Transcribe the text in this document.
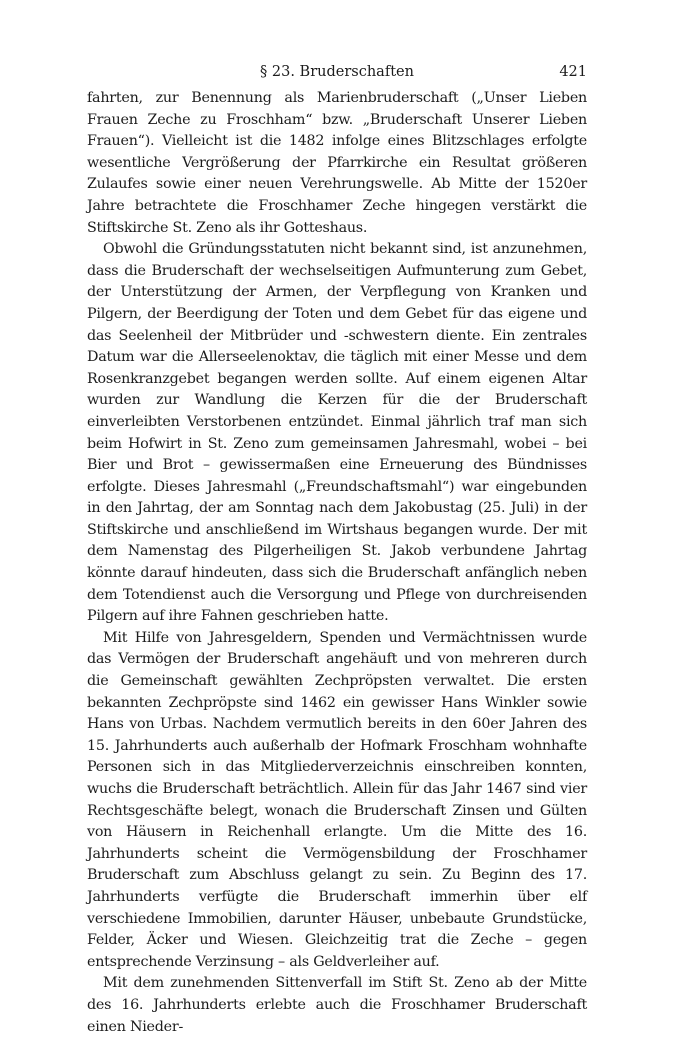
§ 23. Bruderschaften	421

fahrten, zur Benennung als Marienbruderschaft („Unser Lieben Frauen Zeche zu Froschham“ bzw. „Bruderschaft Unserer Lieben Frauen“). Vielleicht ist die 1482 infolge eines Blitzschlages erfolgte wesentliche Vergrößerung der Pfarrkirche ein Resultat größeren Zulaufes sowie einer neuen Verehrungswelle. Ab Mitte der 1520er Jahre betrachtete die Froschhamer Zeche hingegen verstärkt die Stiftskirche St. Zeno als ihr Gotteshaus.

Obwohl die Gründungsstatuten nicht bekannt sind, ist anzunehmen, dass die Bruderschaft der wechselseitigen Aufmunterung zum Gebet, der Unterstützung der Armen, der Verpflegung von Kranken und Pilgern, der Beerdigung der Toten und dem Gebet für das eigene und das Seelenheil der Mitbrüder und -schwestern diente. Ein zentrales Datum war die Allerseelenoktav, die täglich mit einer Messe und dem Rosenkranzgebet begangen werden sollte. Auf einem eigenen Altar wurden zur Wandlung die Kerzen für die der Bruderschaft einverleibten Verstorbenen entzündet. Einmal jährlich traf man sich beim Hofwirt in St. Zeno zum gemeinsamen Jahresmahl, wobei – bei Bier und Brot – gewissermaßen eine Erneuerung des Bündnisses erfolgte. Dieses Jahresmahl („Freundschaftsmahl“) war eingebunden in den Jahrtag, der am Sonntag nach dem Jakobustag (25. Juli) in der Stiftskirche und anschließend im Wirtshaus begangen wurde. Der mit dem Namenstag des Pilgerheiligen St. Jakob verbundene Jahrtag könnte darauf hindeuten, dass sich die Bruderschaft anfänglich neben dem Totendienst auch die Versorgung und Pflege von durchreisenden Pilgern auf ihre Fahnen geschrieben hatte.

Mit Hilfe von Jahresgeldern, Spenden und Vermächtnissen wurde das Vermögen der Bruderschaft angehäuft und von mehreren durch die Gemeinschaft gewählten Zechpröpsten verwaltet. Die ersten bekannten Zechpröpste sind 1462 ein gewisser Hans Winkler sowie Hans von Urbas. Nachdem vermutlich bereits in den 60er Jahren des 15. Jahrhunderts auch außerhalb der Hofmark Froschham wohnhafte Personen sich in das Mitgliederverzeichnis einschreiben konnten, wuchs die Bruderschaft beträchtlich. Allein für das Jahr 1467 sind vier Rechtsgeschäfte belegt, wonach die Bruderschaft Zinsen und Gülten von Häusern in Reichenhall erlangte. Um die Mitte des 16. Jahrhunderts scheint die Vermögensbildung der Froschhamer Bruderschaft zum Abschluss gelangt zu sein. Zu Beginn des 17. Jahrhunderts verfügte die Bruderschaft immerhin über elf verschiedene Immobilien, darunter Häuser, unbebaute Grundstücke, Felder, Äcker und Wiesen. Gleichzeitig trat die Zeche – gegen entsprechende Verzinsung – als Geldverleiher auf.

Mit dem zunehmenden Sittenverfall im Stift St. Zeno ab der Mitte des 16. Jahrhunderts erlebte auch die Froschhamer Bruderschaft einen Nieder-
